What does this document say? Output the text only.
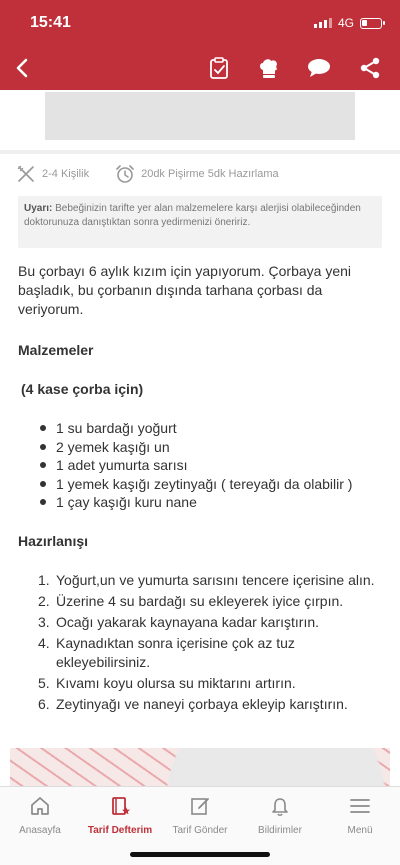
15:41	4G
2-4 Kişilik	20dk Pişirme 5dk Hazırlama
Uyarı: Bebeğinizin tarifte yer alan malzemelere karşı alerjisi olabileceğinden doktorunuza danıştıktan sonra yedirmenizi öneririz.

Bu çorbayı 6 aylık kızım için yapıyorum. Çorbaya yeni başladık, bu çorbanın dışında tarhana çorbası da veriyorum.

Malzemeler

(4 kase çorba için)

1 su bardağı yoğurt
2 yemek kaşığı un
1 adet yumurta sarısı
1 yemek kaşığı zeytinyağı ( tereyağı da olabilir )
1 çay kaşığı kuru nane

Hazırlanışı

1. Yoğurt,un ve yumurta sarısını tencere içerisine alın.
2. Üzerine 4 su bardağı su ekleyerek iyice çırpın.
3. Ocağı yakarak kaynayana kadar karıştırın.
4. Kaynadıktan sonra içerisine çok az tuz ekleyebilirsiniz.
5. Kıvamı koyu olursa su miktarını artırın.
6. Zeytinyağı ve naneyi çorbaya ekleyip karıştırın.
Anasayfa	Tarif Defterim	Tarif Gönder	Bildirimler	Menü
